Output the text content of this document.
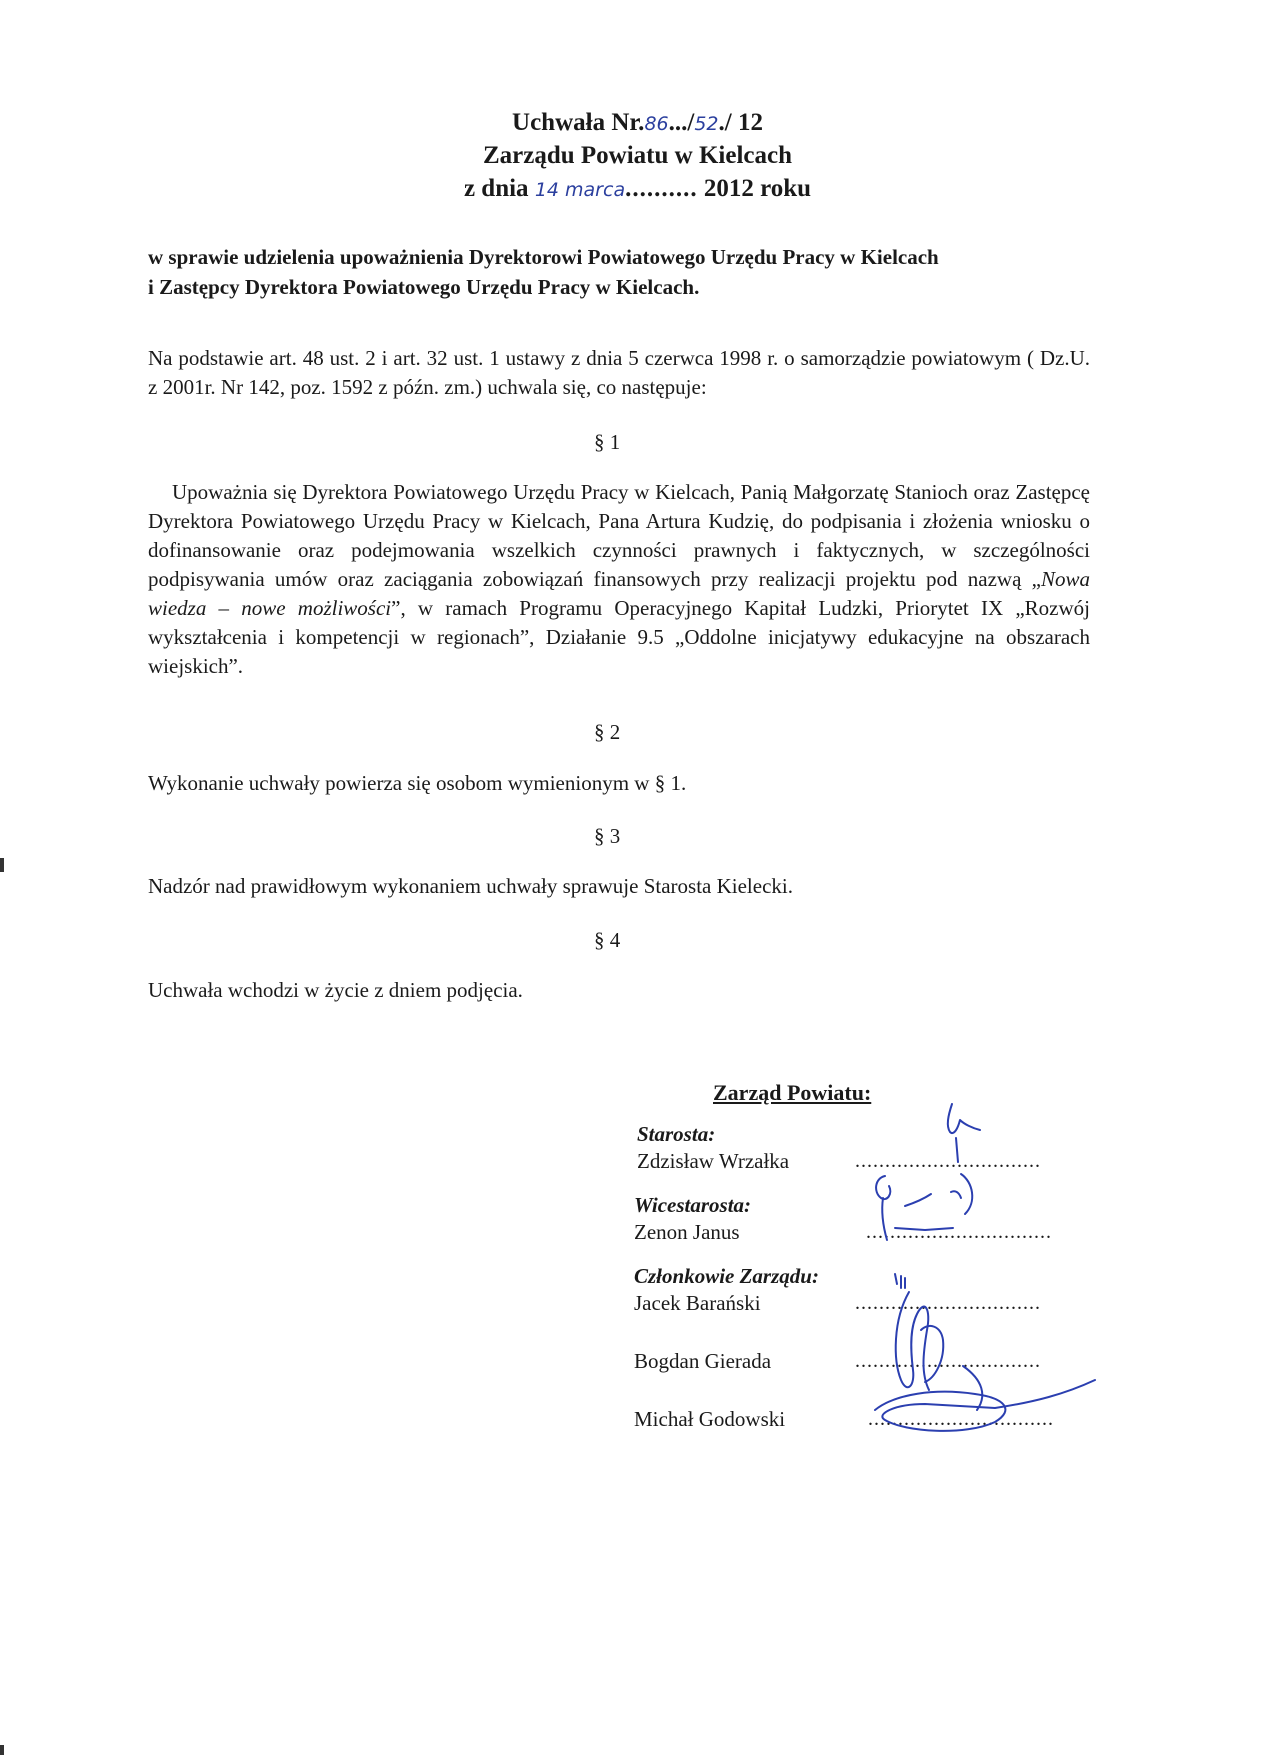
Uchwała Nr.86.../52./ 12
Zarządu Powiatu w Kielcach
z dnia 14 marca.......... 2012 roku
w sprawie udzielenia upoważnienia Dyrektorowi Powiatowego Urzędu Pracy w Kielcach
i Zastępcy Dyrektora Powiatowego Urzędu Pracy w Kielcach.
Na podstawie art. 48 ust. 2 i art. 32 ust. 1 ustawy z dnia 5 czerwca 1998 r. o samorządzie powiatowym ( Dz.U. z 2001r. Nr 142, poz. 1592 z późn. zm.) uchwala się, co następuje:
§ 1
Upoważnia się Dyrektora Powiatowego Urzędu Pracy w Kielcach, Panią Małgorzatę Stanioch oraz Zastępcę Dyrektora Powiatowego Urzędu Pracy w Kielcach, Pana Artura Kudzię, do podpisania i złożenia wniosku o dofinansowanie oraz podejmowania wszelkich czynności prawnych i faktycznych, w szczególności podpisywania umów oraz zaciągania zobowiązań finansowych przy realizacji projektu pod nazwą „Nowa wiedza – nowe możliwości”, w ramach Programu Operacyjnego Kapitał Ludzki, Priorytet IX „Rozwój wykształcenia i kompetencji w regionach”, Działanie 9.5 „Oddolne inicjatywy edukacyjne na obszarach wiejskich”.
§ 2
Wykonanie uchwały powierza się osobom wymienionym w § 1.
§ 3
Nadzór nad prawidłowym wykonaniem uchwały sprawuje Starosta Kielecki.
§ 4
Uchwała wchodzi w życie z dniem podjęcia.
Zarząd Powiatu:
Starosta:
Zdzisław Wrzałka	...............................
Wicestarosta:
Zenon Janus	...............................
Członkowie Zarządu:
Jacek Barański	...............................
Bogdan Gierada	...............................
Michał Godowski	...............................
